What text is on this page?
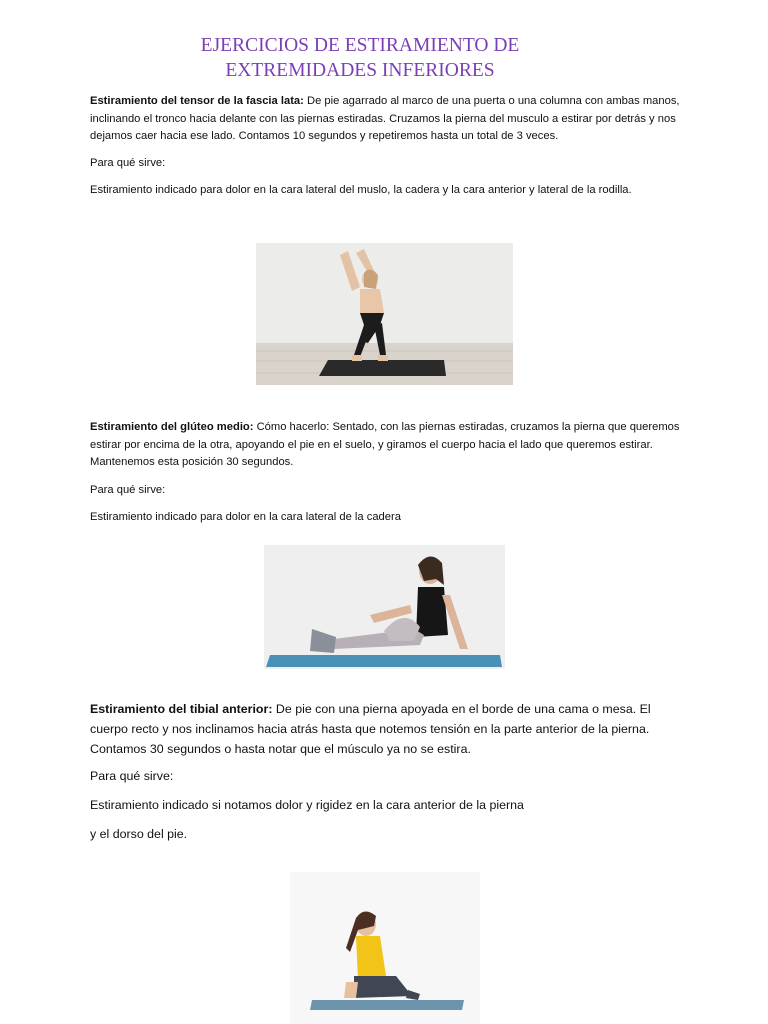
EJERCICIOS DE ESTIRAMIENTO DE
EXTREMIDADES INFERIORES

Estiramiento del tensor de la fascia lata: De pie agarrado al marco de una puerta o una columna con ambas manos, inclinando el tronco hacia delante con las piernas estiradas. Cruzamos la pierna del musculo a estirar por detrás y nos dejamos caer hacia ese lado. Contamos 10 segundos y repetiremos hasta un total de 3 veces.

Para qué sirve:

Estiramiento indicado para dolor en la cara lateral del muslo, la cadera y la cara anterior y lateral de la rodilla.

Estiramiento del glúteo medio: Cómo hacerlo: Sentado, con las piernas estiradas, cruzamos la pierna que queremos estirar por encima de la otra, apoyando el pie en el suelo, y giramos el cuerpo hacia el lado que queremos estirar. Mantenemos esta posición 30 segundos.

Para qué sirve:

Estiramiento indicado para dolor en la cara lateral de la cadera

Estiramiento del tibial anterior: De pie con una pierna apoyada en el borde de una cama o mesa. El cuerpo recto y nos inclinamos hacia atrás hasta que notemos tensión en la parte anterior de la pierna. Contamos 30 segundos o hasta notar que el músculo ya no se estira.

Para qué sirve:

Estiramiento indicado si notamos dolor y rigidez en la cara anterior de la pierna

y el dorso del pie.
